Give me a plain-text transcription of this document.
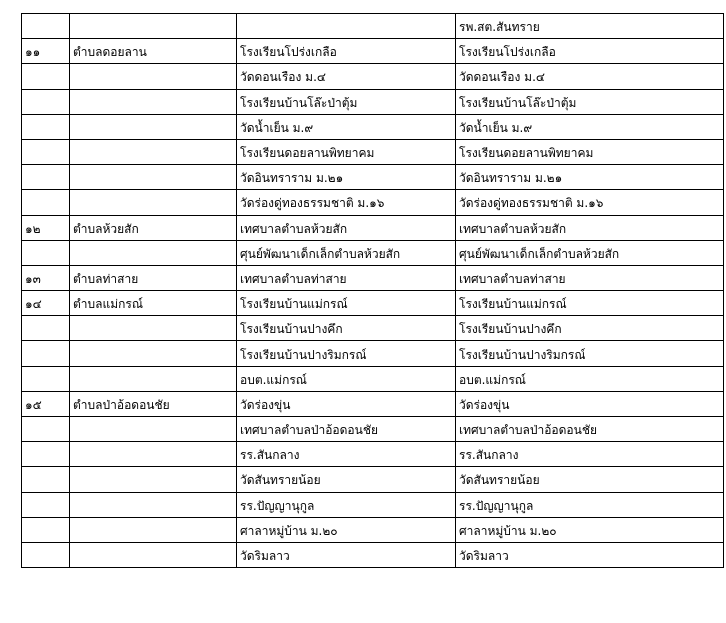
			รพ.สต.สันทราย
๑๑	ตำบลดอยลาน	โรงเรียนโปร่งเกลือ	โรงเรียนโปร่งเกลือ
		วัดดอนเรือง ม.๔	วัดดอนเรือง ม.๔
		โรงเรียนบ้านโล๊ะป่าตุ้ม	โรงเรียนบ้านโล๊ะป่าตุ้ม
		วัดน้ำเย็น ม.๙	วัดน้ำเย็น ม.๙
		โรงเรียนดอยลานพิทยาคม	โรงเรียนดอยลานพิทยาคม
		วัดอินทราราม ม.๒๑	วัดอินทราราม ม.๒๑
		วัดร่องดู่ทองธรรมชาติ ม.๑๖	วัดร่องดู่ทองธรรมชาติ ม.๑๖
๑๒	ตำบลห้วยสัก	เทศบาลตำบลห้วยสัก	เทศบาลตำบลห้วยสัก
		ศุนย์พัฒนาเด็กเล็กตำบลห้วยสัก	ศุนย์พัฒนาเด็กเล็กตำบลห้วยสัก
๑๓	ตำบลท่าสาย	เทศบาลตำบลท่าสาย	เทศบาลตำบลท่าสาย
๑๔	ตำบลแม่กรณ์	โรงเรียนบ้านแม่กรณ์	โรงเรียนบ้านแม่กรณ์
		โรงเรียนบ้านปางคึก	โรงเรียนบ้านปางคึก
		โรงเรียนบ้านปางริมกรณ์	โรงเรียนบ้านปางริมกรณ์
		อบต.แม่กรณ์	อบต.แม่กรณ์
๑๕	ตำบลป่าอ้อดอนชัย	วัดร่องขุ่น	วัดร่องขุ่น
		เทศบาลตำบลป่าอ้อดอนชัย	เทศบาลตำบลป่าอ้อดอนชัย
		รร.สันกลาง	รร.สันกลาง
		วัดสันทรายน้อย	วัดสันทรายน้อย
		รร.ปัญญานุกูล	รร.ปัญญานุกูล
		ศาลาหมู่บ้าน ม.๒๐	ศาลาหมู่บ้าน ม.๒๐
		วัดริมลาว	วัดริมลาว
